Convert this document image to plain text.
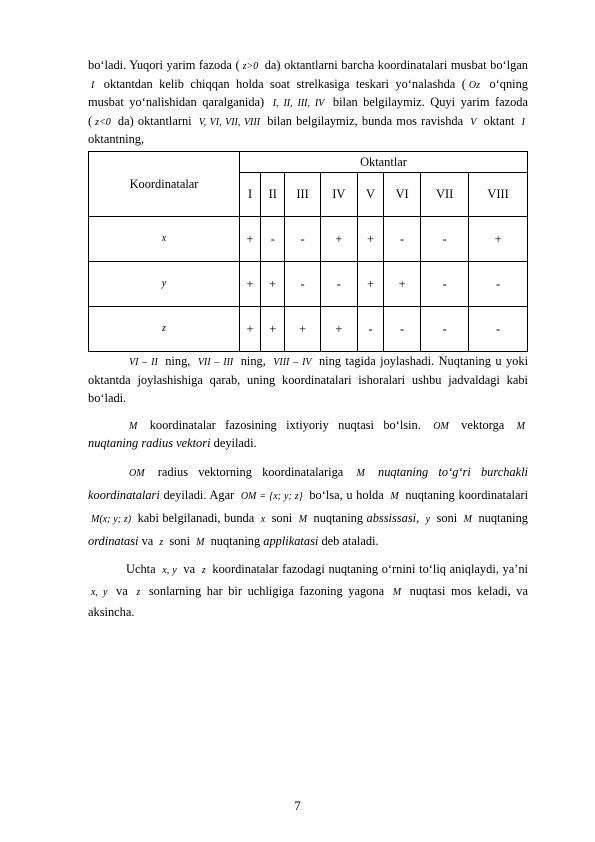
bo‘ladi. Yuqori yarim fazoda ( z>0 da) oktantlarni barcha koordinatalari musbat bo‘lgan I oktantdan kelib chiqqan holda soat strelkasiga teskari yo‘nalashda ( Oz o‘qning musbat yo‘nalishidan qaralganida) I, II, III, IV bilan belgilaymiz. Quyi yarim fazoda ( z<0 da) oktantlarni V, VI, VII, VIII bilan belgilaymiz, bunda mos ravishda V oktant I oktantning,

Koordinatalar	Oktantlar							
	I	II	III	IV	V	VI	VII	VIII
x	+	-	-	+	+	-	-	+
y	+	+	-	-	+	+	-	-
z	+	+	+	+	-	-	-	-

VI – II ning, VII – III ning, VIII – IV ning tagida joylashadi. Nuqtaning u yoki oktantda joylashishiga qarab, uning koordinatalari ishoralari ushbu jadvaldagi kabi bo‘ladi.

M koordinatalar fazosining ixtiyoriy nuqtasi bo‘lsin. OM vektorga M nuqtaning radius vektori deyiladi.

OM radius vektorning koordinatalariga M nuqtaning to‘g‘ri burchakli koordinatalari deyiladi. Agar OM = {x; y; z} bo‘lsa, u holda M nuqtaning koordinatalari M(x; y; z) kabi belgilanadi, bunda x soni M nuqtaning abssissasi, y soni M nuqtaning ordinatasi va z soni M nuqtaning applikatasi deb ataladi.

Uchta x, y va z koordinatalar fazodagi nuqtaning o‘rnini to‘liq aniqlaydi, ya’ni x, y va z sonlarning har bir uchligiga fazoning yagona M nuqtasi mos keladi, va aksincha.

7
